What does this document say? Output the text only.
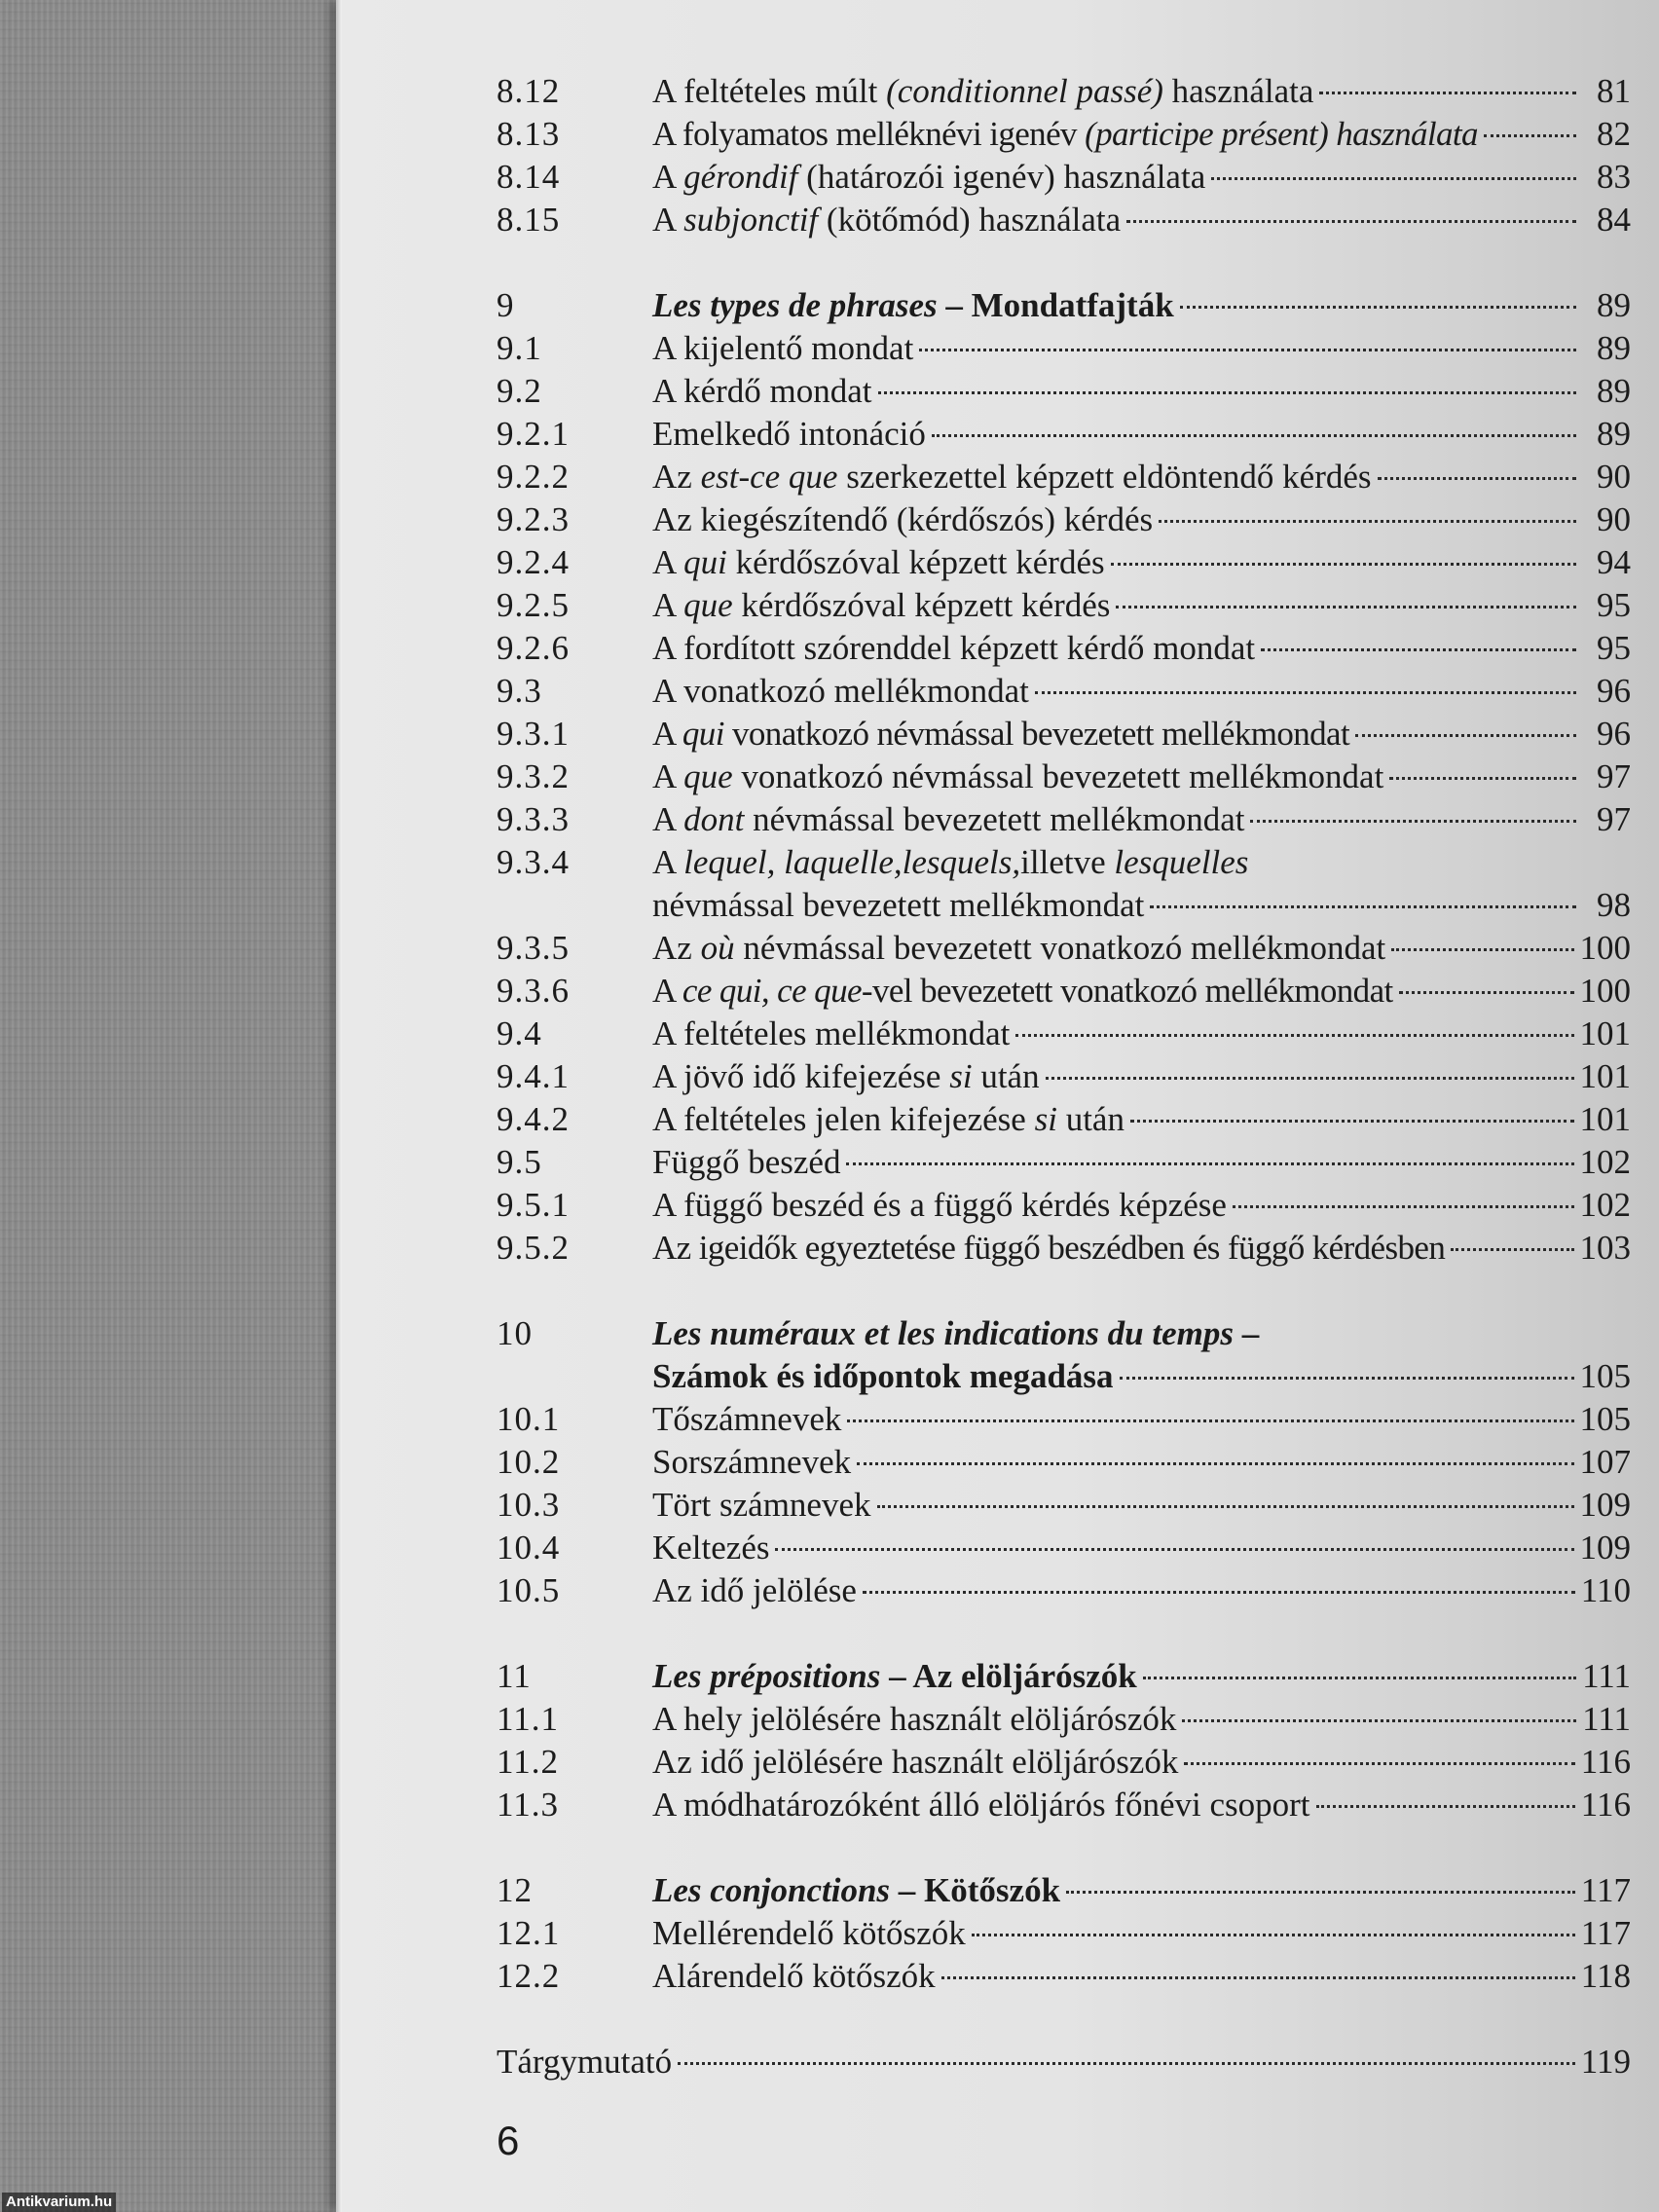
8.12	A feltételes múlt (conditionnel passé) használata	81
8.13	A folyamatos melléknévi igenév (participe présent) használata	82
8.14	A gérondif (határozói igenév) használata	83
8.15	A subjonctif (kötőmód) használata	84
9	Les types de phrases – Mondatfajták	89
9.1	A kijelentő mondat	89
9.2	A kérdő mondat	89
9.2.1	Emelkedő intonáció	89
9.2.2	Az est-ce que szerkezettel képzett eldöntendő kérdés	90
9.2.3	Az kiegészítendő (kérdőszós) kérdés	90
9.2.4	A qui kérdőszóval képzett kérdés	94
9.2.5	A que kérdőszóval képzett kérdés	95
9.2.6	A fordított szórenddel képzett kérdő mondat	95
9.3	A vonatkozó mellékmondat	96
9.3.1	A qui vonatkozó névmással bevezetett mellékmondat	96
9.3.2	A que vonatkozó névmással bevezetett mellékmondat	97
9.3.3	A dont névmással bevezetett mellékmondat	97
9.3.4	A lequel, laquelle,lesquels,illetve lesquelles
névmással bevezetett mellékmondat	98
9.3.5	Az où névmással bevezetett vonatkozó mellékmondat	100
9.3.6	A ce qui, ce que-vel bevezetett vonatkozó mellékmondat	100
9.4	A feltételes mellékmondat	101
9.4.1	A jövő idő kifejezése si után	101
9.4.2	A feltételes jelen kifejezése si után	101
9.5	Függő beszéd	102
9.5.1	A függő beszéd és a függő kérdés képzése	102
9.5.2	Az igeidők egyeztetése függő beszédben és függő kérdésben	103
10	Les numéraux et les indications du temps –
Számok és időpontok megadása	105
10.1	Tőszámnevek	105
10.2	Sorszámnevek	107
10.3	Tört számnevek	109
10.4	Keltezés	109
10.5	Az idő jelölése	110
11	Les prépositions – Az elöljárószók	111
11.1	A hely jelölésére használt elöljárószók	111
11.2	Az idő jelölésére használt elöljárószók	116
11.3	A módhatározóként álló elöljárós főnévi csoport	116
12	Les conjonctions – Kötőszók	117
12.1	Mellérendelő kötőszók	117
12.2	Alárendelő kötőszók	118
Tárgymutató	119
6
Antikvarium.hu
